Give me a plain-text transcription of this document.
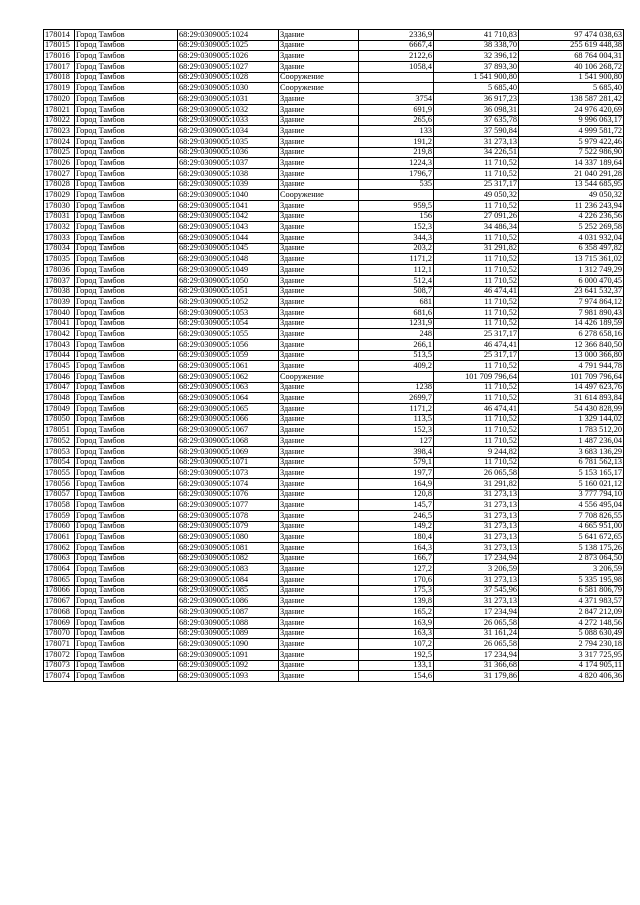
178014	Город Тамбов	68:29:0309005:1024	Здание	2336,9	41 710,83	97 474 038,63
178015	Город Тамбов	68:29:0309005:1025	Здание	6667,4	38 338,70	255 619 448,38
178016	Город Тамбов	68:29:0309005:1026	Здание	2122,6	32 396,12	68 764 004,31
178017	Город Тамбов	68:29:0309005:1027	Здание	1058,4	37 893,30	40 106 268,72
178018	Город Тамбов	68:29:0309005:1028	Сооружение		1 541 900,80	1 541 900,80
178019	Город Тамбов	68:29:0309005:1030	Сооружение		5 685,40	5 685,40
178020	Город Тамбов	68:29:0309005:1031	Здание	3754	36 917,23	138 587 281,42
178021	Город Тамбов	68:29:0309005:1032	Здание	691,9	36 098,31	24 976 420,69
178022	Город Тамбов	68:29:0309005:1033	Здание	265,6	37 635,78	9 996 063,17
178023	Город Тамбов	68:29:0309005:1034	Здание	133	37 590,84	4 999 581,72
178024	Город Тамбов	68:29:0309005:1035	Здание	191,2	31 273,13	5 979 422,46
178025	Город Тамбов	68:29:0309005:1036	Здание	219,8	34 226,51	7 522 986,90
178026	Город Тамбов	68:29:0309005:1037	Здание	1224,3	11 710,52	14 337 189,64
178027	Город Тамбов	68:29:0309005:1038	Здание	1796,7	11 710,52	21 040 291,28
178028	Город Тамбов	68:29:0309005:1039	Здание	535	25 317,17	13 544 685,95
178029	Город Тамбов	68:29:0309005:1040	Сооружение		49 050,32	49 050,32
178030	Город Тамбов	68:29:0309005:1041	Здание	959,5	11 710,52	11 236 243,94
178031	Город Тамбов	68:29:0309005:1042	Здание	156	27 091,26	4 226 236,56
178032	Город Тамбов	68:29:0309005:1043	Здание	152,3	34 486,34	5 252 269,58
178033	Город Тамбов	68:29:0309005:1044	Здание	344,3	11 710,52	4 031 932,04
178034	Город Тамбов	68:29:0309005:1045	Здание	203,2	31 291,82	6 358 497,82
178035	Город Тамбов	68:29:0309005:1048	Здание	1171,2	11 710,52	13 715 361,02
178036	Город Тамбов	68:29:0309005:1049	Здание	112,1	11 710,52	1 312 749,29
178037	Город Тамбов	68:29:0309005:1050	Здание	512,4	11 710,52	6 000 470,45
178038	Город Тамбов	68:29:0309005:1051	Здание	508,7	46 474,41	23 641 532,37
178039	Город Тамбов	68:29:0309005:1052	Здание	681	11 710,52	7 974 864,12
178040	Город Тамбов	68:29:0309005:1053	Здание	681,6	11 710,52	7 981 890,43
178041	Город Тамбов	68:29:0309005:1054	Здание	1231,9	11 710,52	14 426 189,59
178042	Город Тамбов	68:29:0309005:1055	Здание	248	25 317,17	6 278 658,16
178043	Город Тамбов	68:29:0309005:1056	Здание	266,1	46 474,41	12 366 840,50
178044	Город Тамбов	68:29:0309005:1059	Здание	513,5	25 317,17	13 000 366,80
178045	Город Тамбов	68:29:0309005:1061	Здание	409,2	11 710,52	4 791 944,78
178046	Город Тамбов	68:29:0309005:1062	Сооружение		101 709 796,64	101 709 796,64
178047	Город Тамбов	68:29:0309005:1063	Здание	1238	11 710,52	14 497 623,76
178048	Город Тамбов	68:29:0309005:1064	Здание	2699,7	11 710,52	31 614 893,84
178049	Город Тамбов	68:29:0309005:1065	Здание	1171,2	46 474,41	54 430 828,99
178050	Город Тамбов	68:29:0309005:1066	Здание	113,5	11 710,52	1 329 144,02
178051	Город Тамбов	68:29:0309005:1067	Здание	152,3	11 710,52	1 783 512,20
178052	Город Тамбов	68:29:0309005:1068	Здание	127	11 710,52	1 487 236,04
178053	Город Тамбов	68:29:0309005:1069	Здание	398,4	9 244,82	3 683 136,29
178054	Город Тамбов	68:29:0309005:1071	Здание	579,1	11 710,52	6 781 562,13
178055	Город Тамбов	68:29:0309005:1073	Здание	197,7	26 065,58	5 153 165,17
178056	Город Тамбов	68:29:0309005:1074	Здание	164,9	31 291,82	5 160 021,12
178057	Город Тамбов	68:29:0309005:1076	Здание	120,8	31 273,13	3 777 794,10
178058	Город Тамбов	68:29:0309005:1077	Здание	145,7	31 273,13	4 556 495,04
178059	Город Тамбов	68:29:0309005:1078	Здание	246,5	31 273,13	7 708 826,55
178060	Город Тамбов	68:29:0309005:1079	Здание	149,2	31 273,13	4 665 951,00
178061	Город Тамбов	68:29:0309005:1080	Здание	180,4	31 273,13	5 641 672,65
178062	Город Тамбов	68:29:0309005:1081	Здание	164,3	31 273,13	5 138 175,26
178063	Город Тамбов	68:29:0309005:1082	Здание	166,7	17 234,94	2 873 064,50
178064	Город Тамбов	68:29:0309005:1083	Здание	127,2	3 206,59	3 206,59
178065	Город Тамбов	68:29:0309005:1084	Здание	170,6	31 273,13	5 335 195,98
178066	Город Тамбов	68:29:0309005:1085	Здание	175,3	37 545,96	6 581 806,79
178067	Город Тамбов	68:29:0309005:1086	Здание	139,8	31 273,13	4 371 983,57
178068	Город Тамбов	68:29:0309005:1087	Здание	165,2	17 234,94	2 847 212,09
178069	Город Тамбов	68:29:0309005:1088	Здание	163,9	26 065,58	4 272 148,56
178070	Город Тамбов	68:29:0309005:1089	Здание	163,3	31 161,24	5 088 630,49
178071	Город Тамбов	68:29:0309005:1090	Здание	107,2	26 065,58	2 794 230,18
178072	Город Тамбов	68:29:0309005:1091	Здание	192,5	17 234,94	3 317 725,95
178073	Город Тамбов	68:29:0309005:1092	Здание	133,1	31 366,68	4 174 905,11
178074	Город Тамбов	68:29:0309005:1093	Здание	154,6	31 179,86	4 820 406,36
